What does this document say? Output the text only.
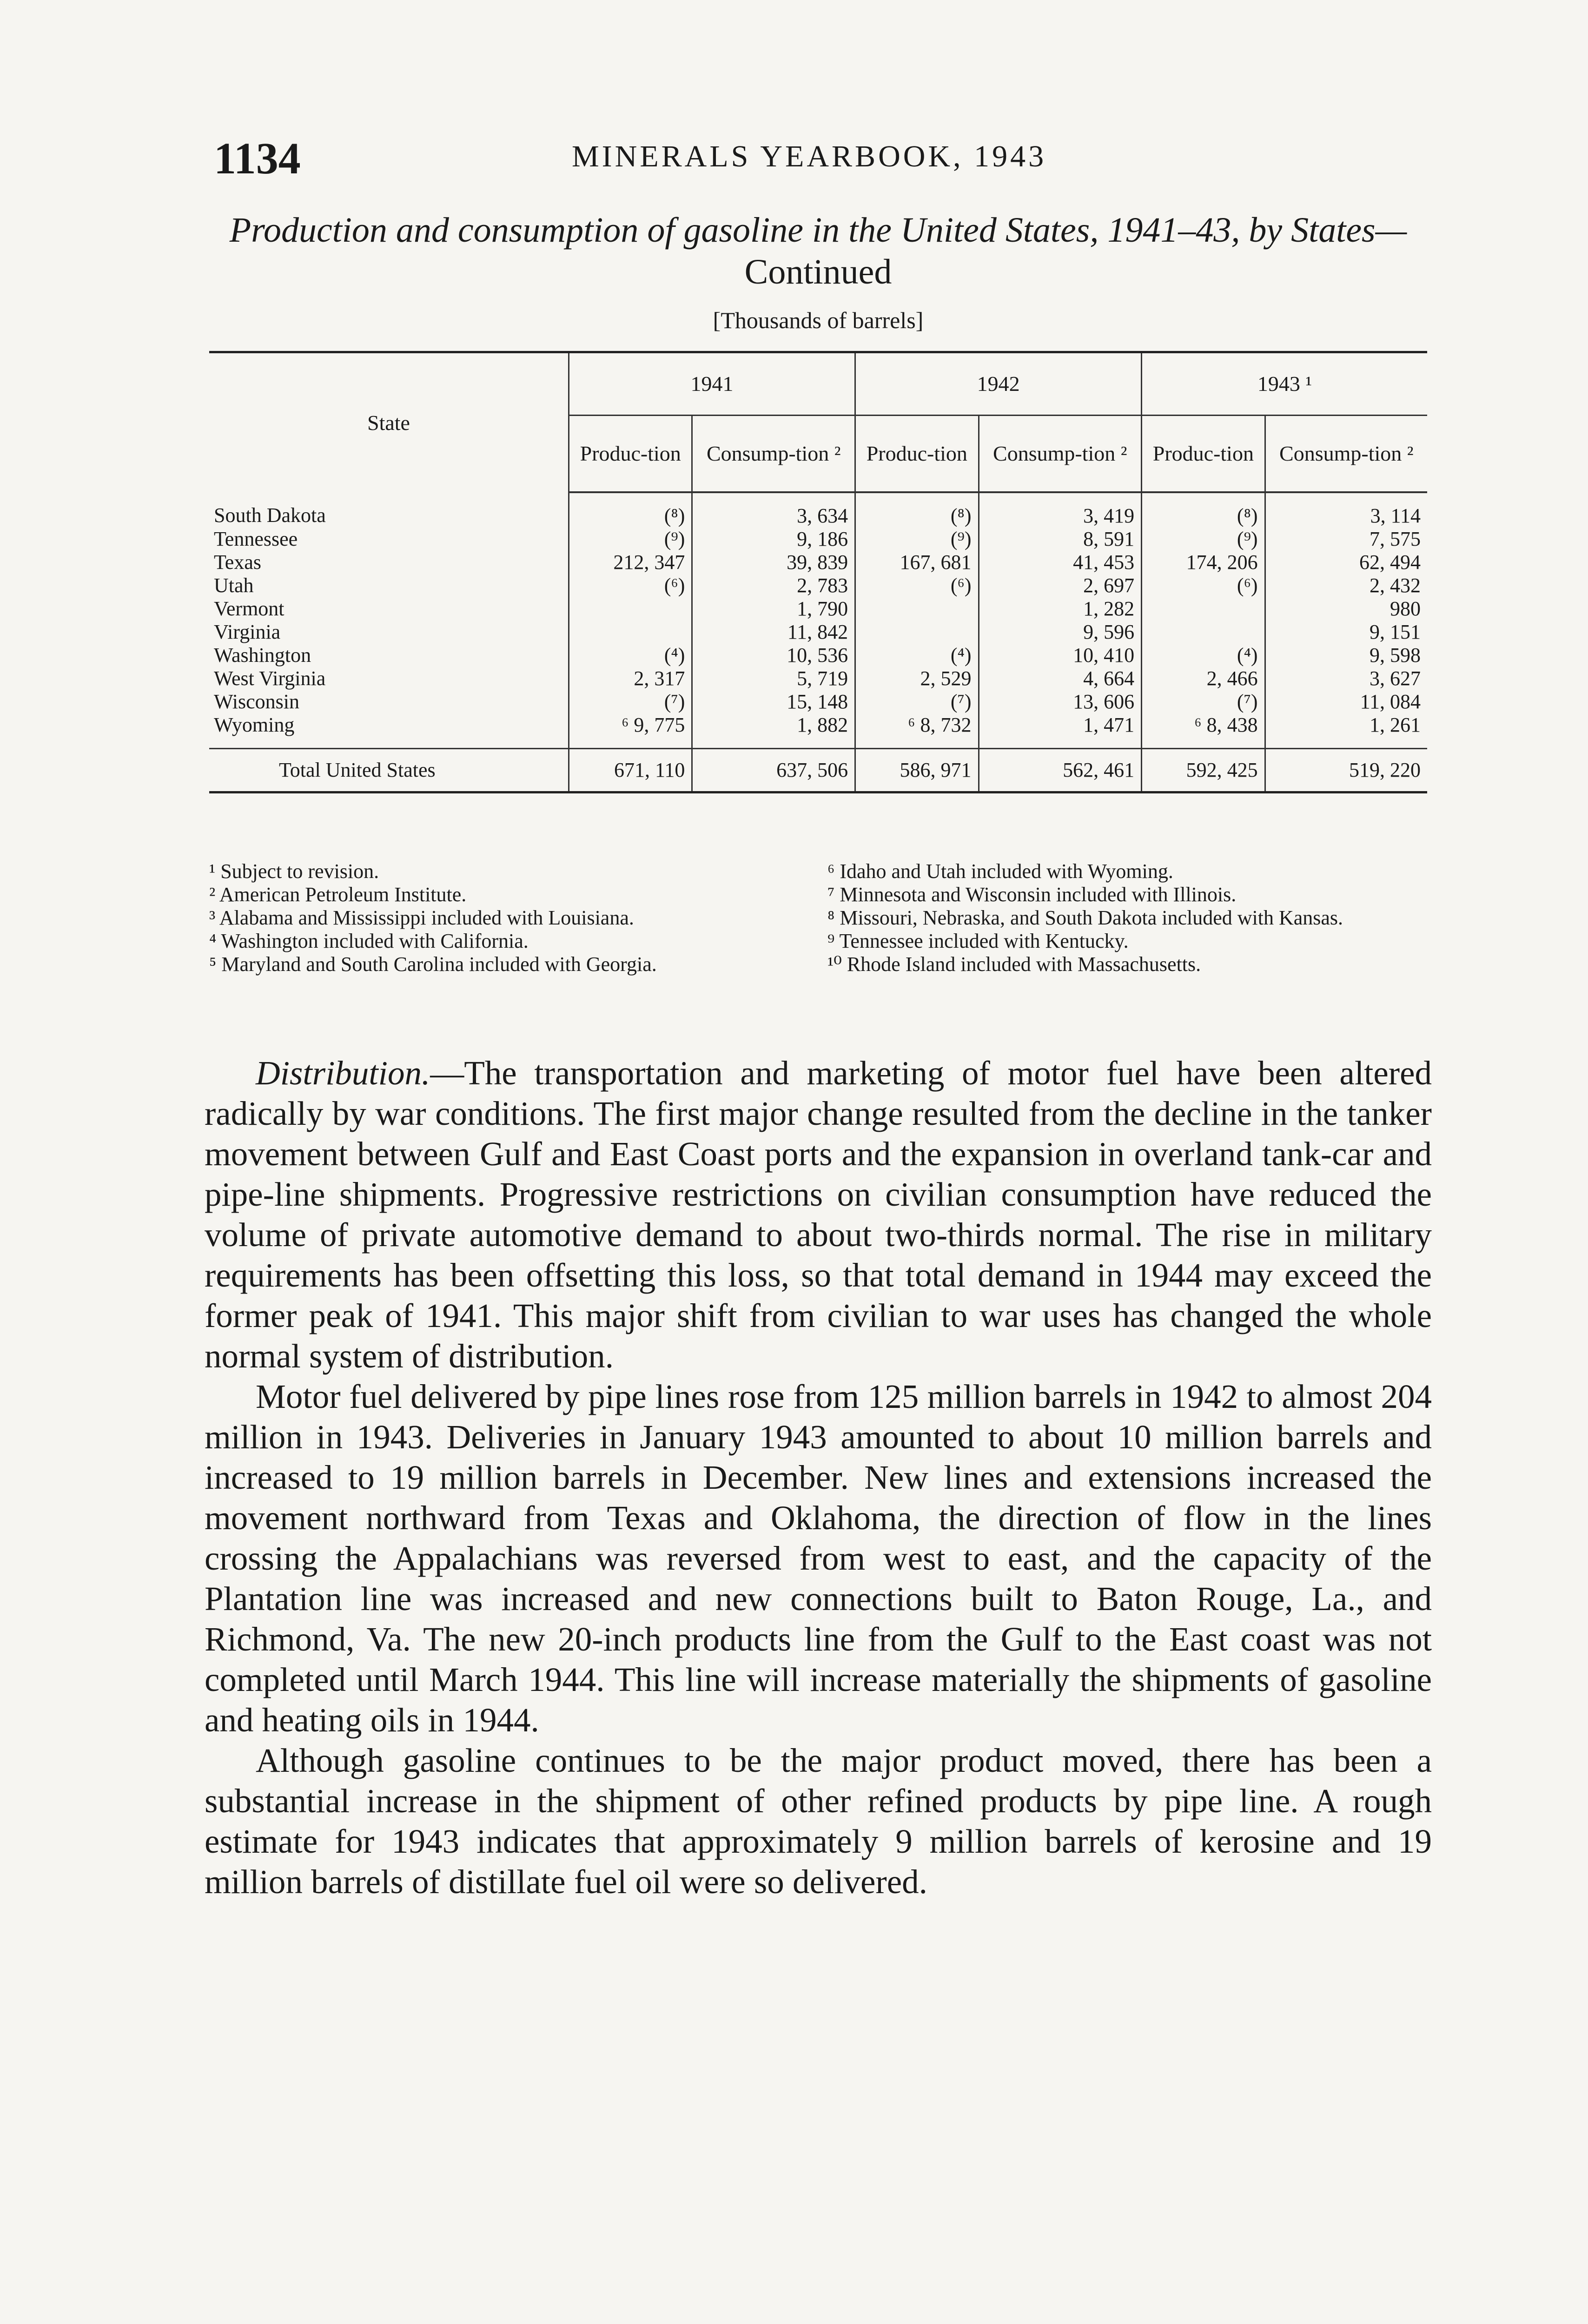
1134	MINERALS YEARBOOK, 1943
Production and consumption of gasoline in the United States, 1941–43, by States—
Continued
[Thousands of barrels]
State	1941		1942		1943 ¹	
	Produc-tion	Consump-tion ²	Produc-tion	Consump-tion ²	Produc-tion	Consump-tion ²
South Dakota	(⁸)	3, 634	(⁸)	3, 419	(⁸)	3, 114
Tennessee	(⁹)	9, 186	(⁹)	8, 591	(⁹)	7, 575
Texas	212, 347	39, 839	167, 681	41, 453	174, 206	62, 494
Utah	(⁶)	2, 783	(⁶)	2, 697	(⁶)	2, 432
Vermont		1, 790		1, 282		980
Virginia		11, 842		9, 596		9, 151
Washington	(⁴)	10, 536	(⁴)	10, 410	(⁴)	9, 598
West Virginia	2, 317	5, 719	2, 529	4, 664	2, 466	3, 627
Wisconsin	(⁷)	15, 148	(⁷)	13, 606	(⁷)	11, 084
Wyoming	⁶ 9, 775	1, 882	⁶ 8, 732	1, 471	⁶ 8, 438	1, 261
Total United States	671, 110	637, 506	586, 971	562, 461	592, 425	519, 220

¹ Subject to revision.

² American Petroleum Institute.

³ Alabama and Mississippi included with Louisiana.

⁴ Washington included with California.

⁵ Maryland and South Carolina included with Georgia.

⁶ Idaho and Utah included with Wyoming.

⁷ Minnesota and Wisconsin included with Illinois.

⁸ Missouri, Nebraska, and South Dakota included with Kansas.

⁹ Tennessee included with Kentucky.

¹⁰ Rhode Island included with Massachusetts.

Distribution.—The transportation and marketing of motor fuel have been altered radically by war conditions. The first major change resulted from the decline in the tanker movement between Gulf and East Coast ports and the expansion in overland tank-car and pipe-line shipments. Progressive restrictions on civilian consumption have reduced the volume of private automotive demand to about two-thirds normal. The rise in military requirements has been offsetting this loss, so that total demand in 1944 may exceed the former peak of 1941. This major shift from civilian to war uses has changed the whole normal system of distribution.

Motor fuel delivered by pipe lines rose from 125 million barrels in 1942 to almost 204 million in 1943. Deliveries in January 1943 amounted to about 10 million barrels and increased to 19 million barrels in December. New lines and extensions increased the movement northward from Texas and Oklahoma, the direction of flow in the lines crossing the Appalachians was reversed from west to east, and the capacity of the Plantation line was increased and new connections built to Baton Rouge, La., and Richmond, Va. The new 20-inch products line from the Gulf to the East coast was not completed until March 1944. This line will increase materially the shipments of gasoline and heating oils in 1944.

Although gasoline continues to be the major product moved, there has been a substantial increase in the shipment of other refined products by pipe line. A rough estimate for 1943 indicates that approximately 9 million barrels of kerosine and 19 million barrels of distillate fuel oil were so delivered.
